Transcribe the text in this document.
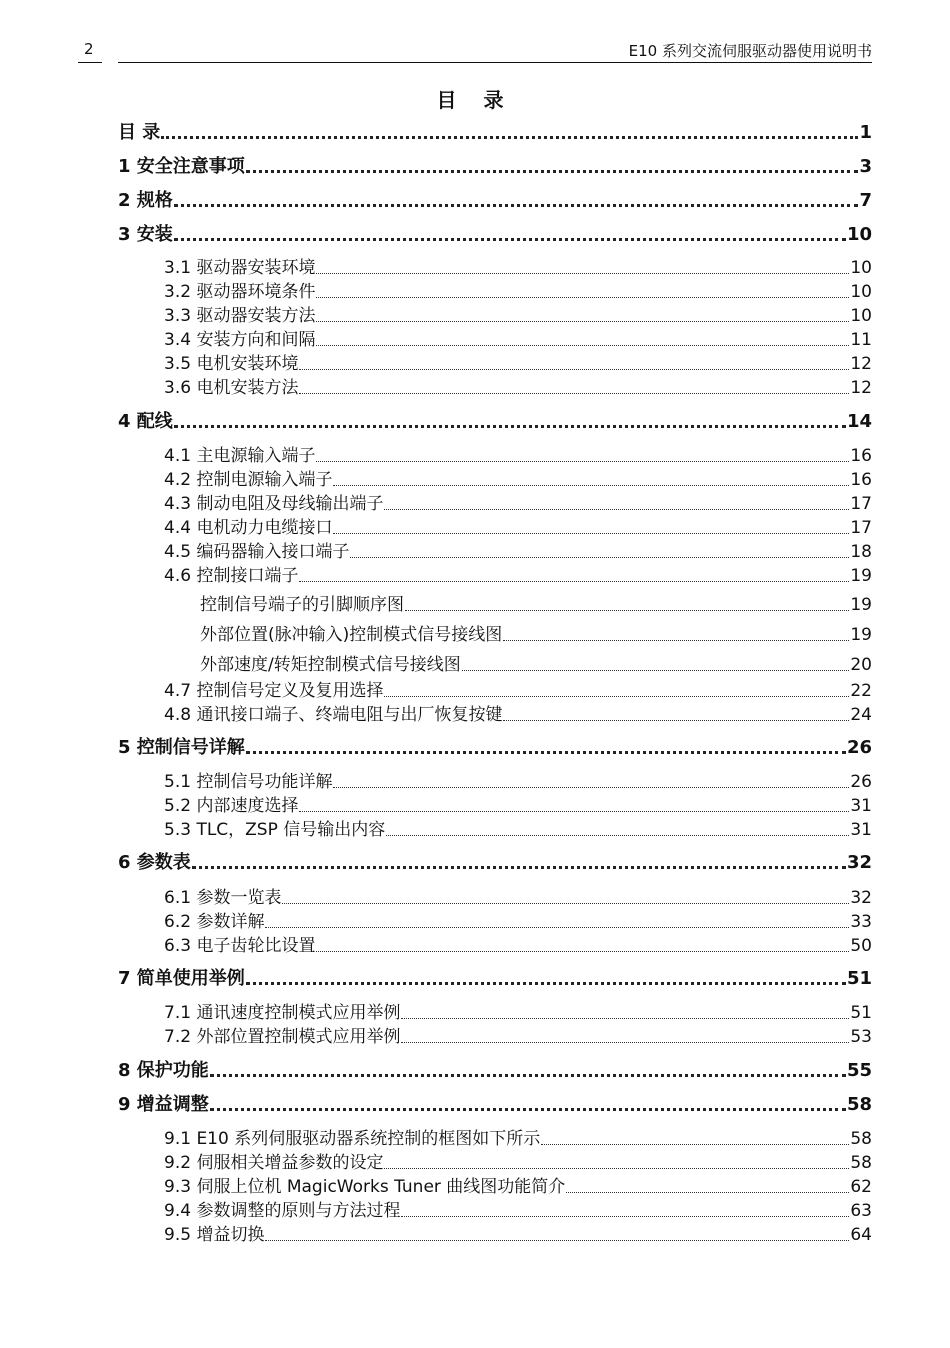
2	E10 系列交流伺服驱动器使用说明书
目 录
目 录	1
1 安全注意事项	3
2 规格	7
3 安装	10
3.1 驱动器安装环境	10
3.2 驱动器环境条件	10
3.3 驱动器安装方法	10
3.4 安装方向和间隔	11
3.5 电机安装环境	12
3.6 电机安装方法	12
4 配线	14
4.1 主电源输入端子	16
4.2 控制电源输入端子	16
4.3 制动电阻及母线输出端子	17
4.4 电机动力电缆接口	17
4.5 编码器输入接口端子	18
4.6 控制接口端子	19
控制信号端子的引脚顺序图	19
外部位置(脉冲输入)控制模式信号接线图	19
外部速度/转矩控制模式信号接线图	20
4.7 控制信号定义及复用选择	22
4.8 通讯接口端子、终端电阻与出厂恢复按键	24
5 控制信号详解	26
5.1 控制信号功能详解	26
5.2 内部速度选择	31
5.3 TLC，ZSP 信号输出内容	31
6 参数表	32
6.1 参数一览表	32
6.2 参数详解	33
6.3 电子齿轮比设置	50
7 简单使用举例	51
7.1 通讯速度控制模式应用举例	51
7.2 外部位置控制模式应用举例	53
8 保护功能	55
9 增益调整	58
9.1 E10 系列伺服驱动器系统控制的框图如下所示	58
9.2 伺服相关增益参数的设定	58
9.3 伺服上位机 MagicWorks Tuner 曲线图功能简介	62
9.4 参数调整的原则与方法过程	63
9.5 增益切换	64
